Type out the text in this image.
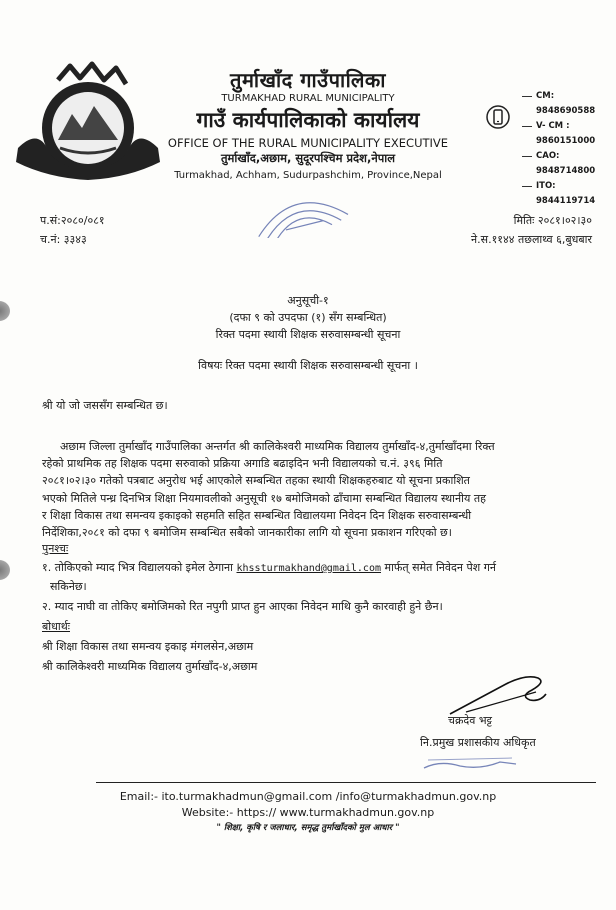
तुर्माखाँद गाउँपालिका
TURMAKHAD RURAL MUNICIPALITY
गाउँ कार्यपालिकाको कार्यालय
OFFICE OF THE RURAL MUNICIPALITY EXECUTIVE
तुर्माखाँद,अछाम, सुदूरपश्चिम प्रदेश,नेपाल
Turmakhad, Achham, Sudurpashchim, Province,Nepal
CM: 9848690588
V- CM : 9860151000
CAO: 9848714800
ITO: 9844119714
प.सं:२०८०/०८१
च.नं: ३३४३
मितिः २०८१।०२।३०
ने.स.११४४ तछलाथ्व ६,बुधबार
अनुसूची-१
(दफा ९ को उपदफा (१) सँग सम्बन्धित)
रिक्त पदमा स्थायी शिक्षक सरुवासम्बन्धी सूचना
विषयः रिक्त पदमा स्थायी शिक्षक सरुवासम्बन्धी सूचना ।
श्री यो जो जससँग सम्बन्धित छ।
अछाम जिल्ला तुर्माखाँद गाउँपालिका अन्तर्गत श्री कालिकेश्वरी माध्यमिक विद्यालय तुर्माखाँद-४,तुर्माखाँदमा रिक्त
रहेको प्राथमिक तह शिक्षक पदमा सरुवाको प्रक्रिया अगाडि बढाइदिन भनी विद्यालयको च.नं. ३९६ मिति
२०८१।०२।३० गतेको पत्रबाट अनुरोध भई आएकोले सम्बन्धित तहका स्थायी शिक्षकहरुबाट यो सूचना प्रकाशित
भएको मितिले पन्ध्र दिनभित्र शिक्षा नियमावलीको अनुसूची १७ बमोजिमको ढाँचामा सम्बन्धित विद्यालय स्थानीय तह
र शिक्षा विकास तथा समन्वय इकाइको सहमति सहित सम्बन्धित विद्यालयमा निवेदन दिन शिक्षक सरुवासम्बन्धी
निर्देशिका,२०८१ को दफा ९ बमोजिम सम्बन्धित सबैको जानकारीका लागि यो सूचना प्रकाशन गरिएको छ।
पुनश्चः
१. तोकिएको म्याद भित्र विद्यालयको इमेल ठेगाना khssturmakhand@gmail.com मार्फत् समेत निवेदन पेश गर्न
सकिनेछ।
२. म्याद नाघी वा तोकिए बमोजिमको रित नपुगी प्राप्त हुन आएका निवेदन माथि कुनै कारवाही हुने छैन।
बोधार्थः
श्री शिक्षा विकास तथा समन्वय इकाइ मंगलसेन,अछाम
श्री कालिकेश्वरी माध्यमिक विद्यालय तुर्माखाँद-४,अछाम
चक्रदेव भट्ट
नि.प्रमुख प्रशासकीय अधिकृत
Email:- ito.turmakhadmun@gmail.com /info@turmakhadmun.gov.np
Website:- https:// www.turmakhadmun.gov.np
" शिक्षा, कृषि र जलाधार, समृद्ध तुर्माखाँदको मुल आधार "
